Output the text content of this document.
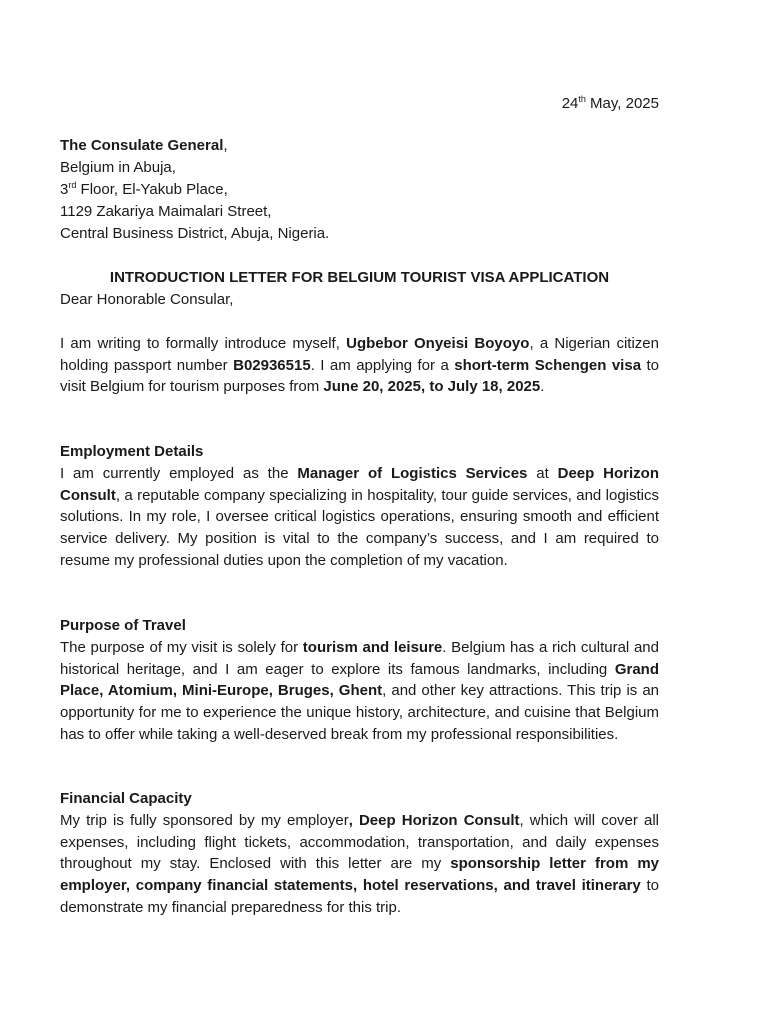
24th May, 2025
The Consulate General,
Belgium in Abuja,
3rd Floor, El-Yakub Place,
1129 Zakariya Maimalari Street,
Central Business District, Abuja, Nigeria.
INTRODUCTION LETTER FOR BELGIUM TOURIST VISA APPLICATION
Dear Honorable Consular,

I am writing to formally introduce myself, Ugbebor Onyeisi Boyoyo, a Nigerian citizen holding passport number B02936515. I am applying for a short-term Schengen visa to visit Belgium for tourism purposes from June 20, 2025, to July 18, 2025.

Employment Details

I am currently employed as the Manager of Logistics Services at Deep Horizon Consult, a reputable company specializing in hospitality, tour guide services, and logistics solutions. In my role, I oversee critical logistics operations, ensuring smooth and efficient service delivery. My position is vital to the company’s success, and I am required to resume my professional duties upon the completion of my vacation.

Purpose of Travel

The purpose of my visit is solely for tourism and leisure. Belgium has a rich cultural and historical heritage, and I am eager to explore its famous landmarks, including Grand Place, Atomium, Mini-Europe, Bruges, Ghent, and other key attractions. This trip is an opportunity for me to experience the unique history, architecture, and cuisine that Belgium has to offer while taking a well-deserved break from my professional responsibilities.

Financial Capacity

My trip is fully sponsored by my employer, Deep Horizon Consult, which will cover all expenses, including flight tickets, accommodation, transportation, and daily expenses throughout my stay. Enclosed with this letter are my sponsorship letter from my employer, company financial statements, hotel reservations, and travel itinerary to demonstrate my financial preparedness for this trip.
